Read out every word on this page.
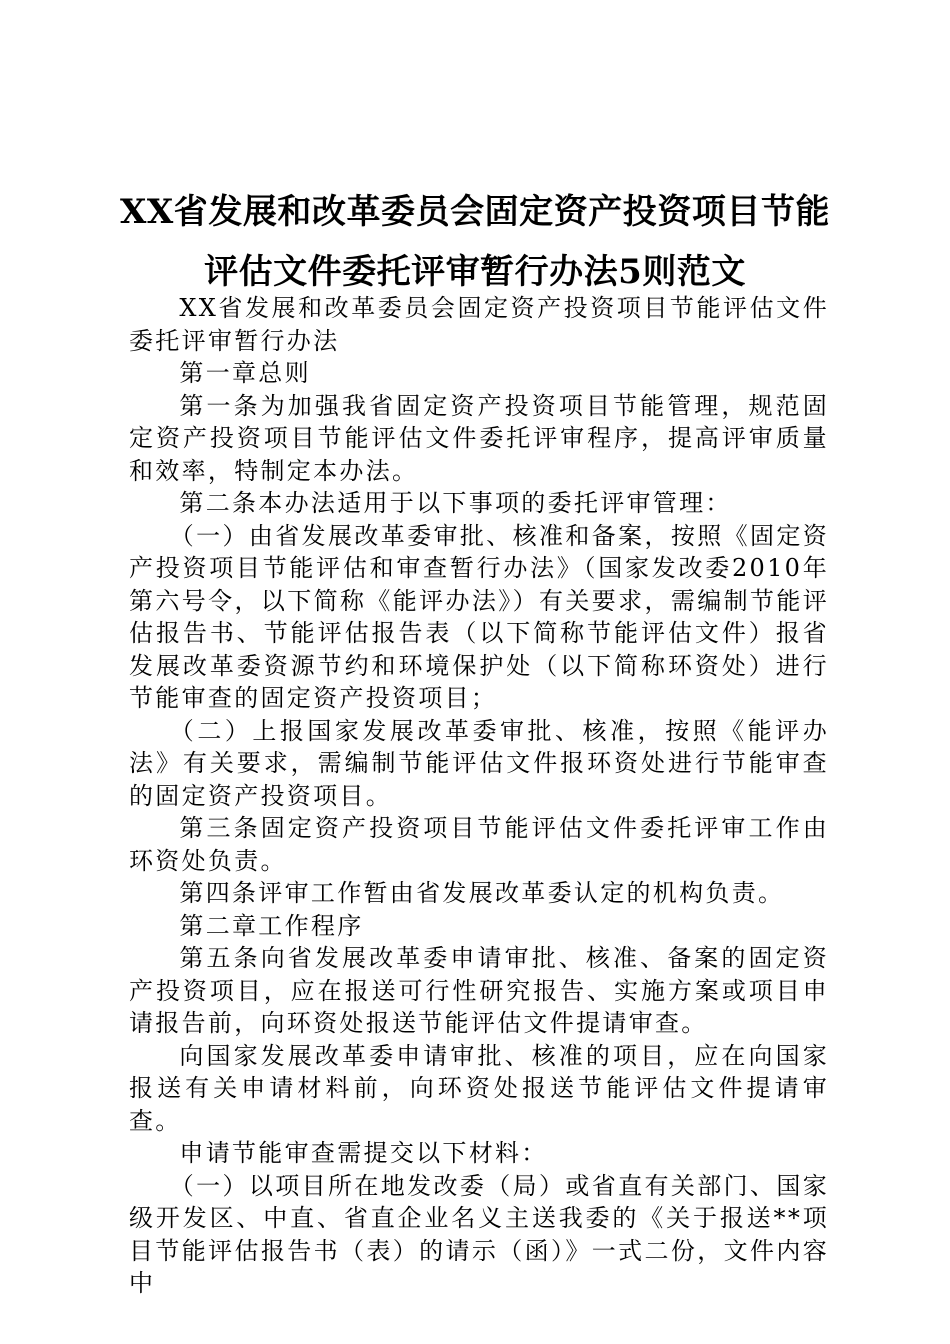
XX省发展和改革委员会固定资产投资项目节能评估文件委托评审暂行办法5则范文

XX省发展和改革委员会固定资产投资项目节能评估文件委托评审暂行办法

第一章总则

第一条为加强我省固定资产投资项目节能管理，规范固定资产投资项目节能评估文件委托评审程序，提高评审质量和效率，特制定本办法。

第二条本办法适用于以下事项的委托评审管理：

（一）由省发展改革委审批、核准和备案，按照《固定资产投资项目节能评估和审查暂行办法》（国家发改委2010年第六号令，以下简称《能评办法》）有关要求，需编制节能评估报告书、节能评估报告表（以下简称节能评估文件）报省发展改革委资源节约和环境保护处（以下简称环资处）进行节能审查的固定资产投资项目；

（二）上报国家发展改革委审批、核准，按照《能评办法》有关要求，需编制节能评估文件报环资处进行节能审查的固定资产投资项目。

第三条固定资产投资项目节能评估文件委托评审工作由环资处负责。

第四条评审工作暂由省发展改革委认定的机构负责。

第二章工作程序

第五条向省发展改革委申请审批、核准、备案的固定资产投资项目，应在报送可行性研究报告、实施方案或项目申请报告前，向环资处报送节能评估文件提请审查。

向国家发展改革委申请审批、核准的项目，应在向国家报送有关申请材料前，向环资处报送节能评估文件提请审查。

申请节能审查需提交以下材料：

（一）以项目所在地发改委（局）或省直有关部门、国家级开发区、中直、省直企业名义主送我委的《关于报送**项目节能评估报告书（表）的请示（函）》一式二份，文件内容中
